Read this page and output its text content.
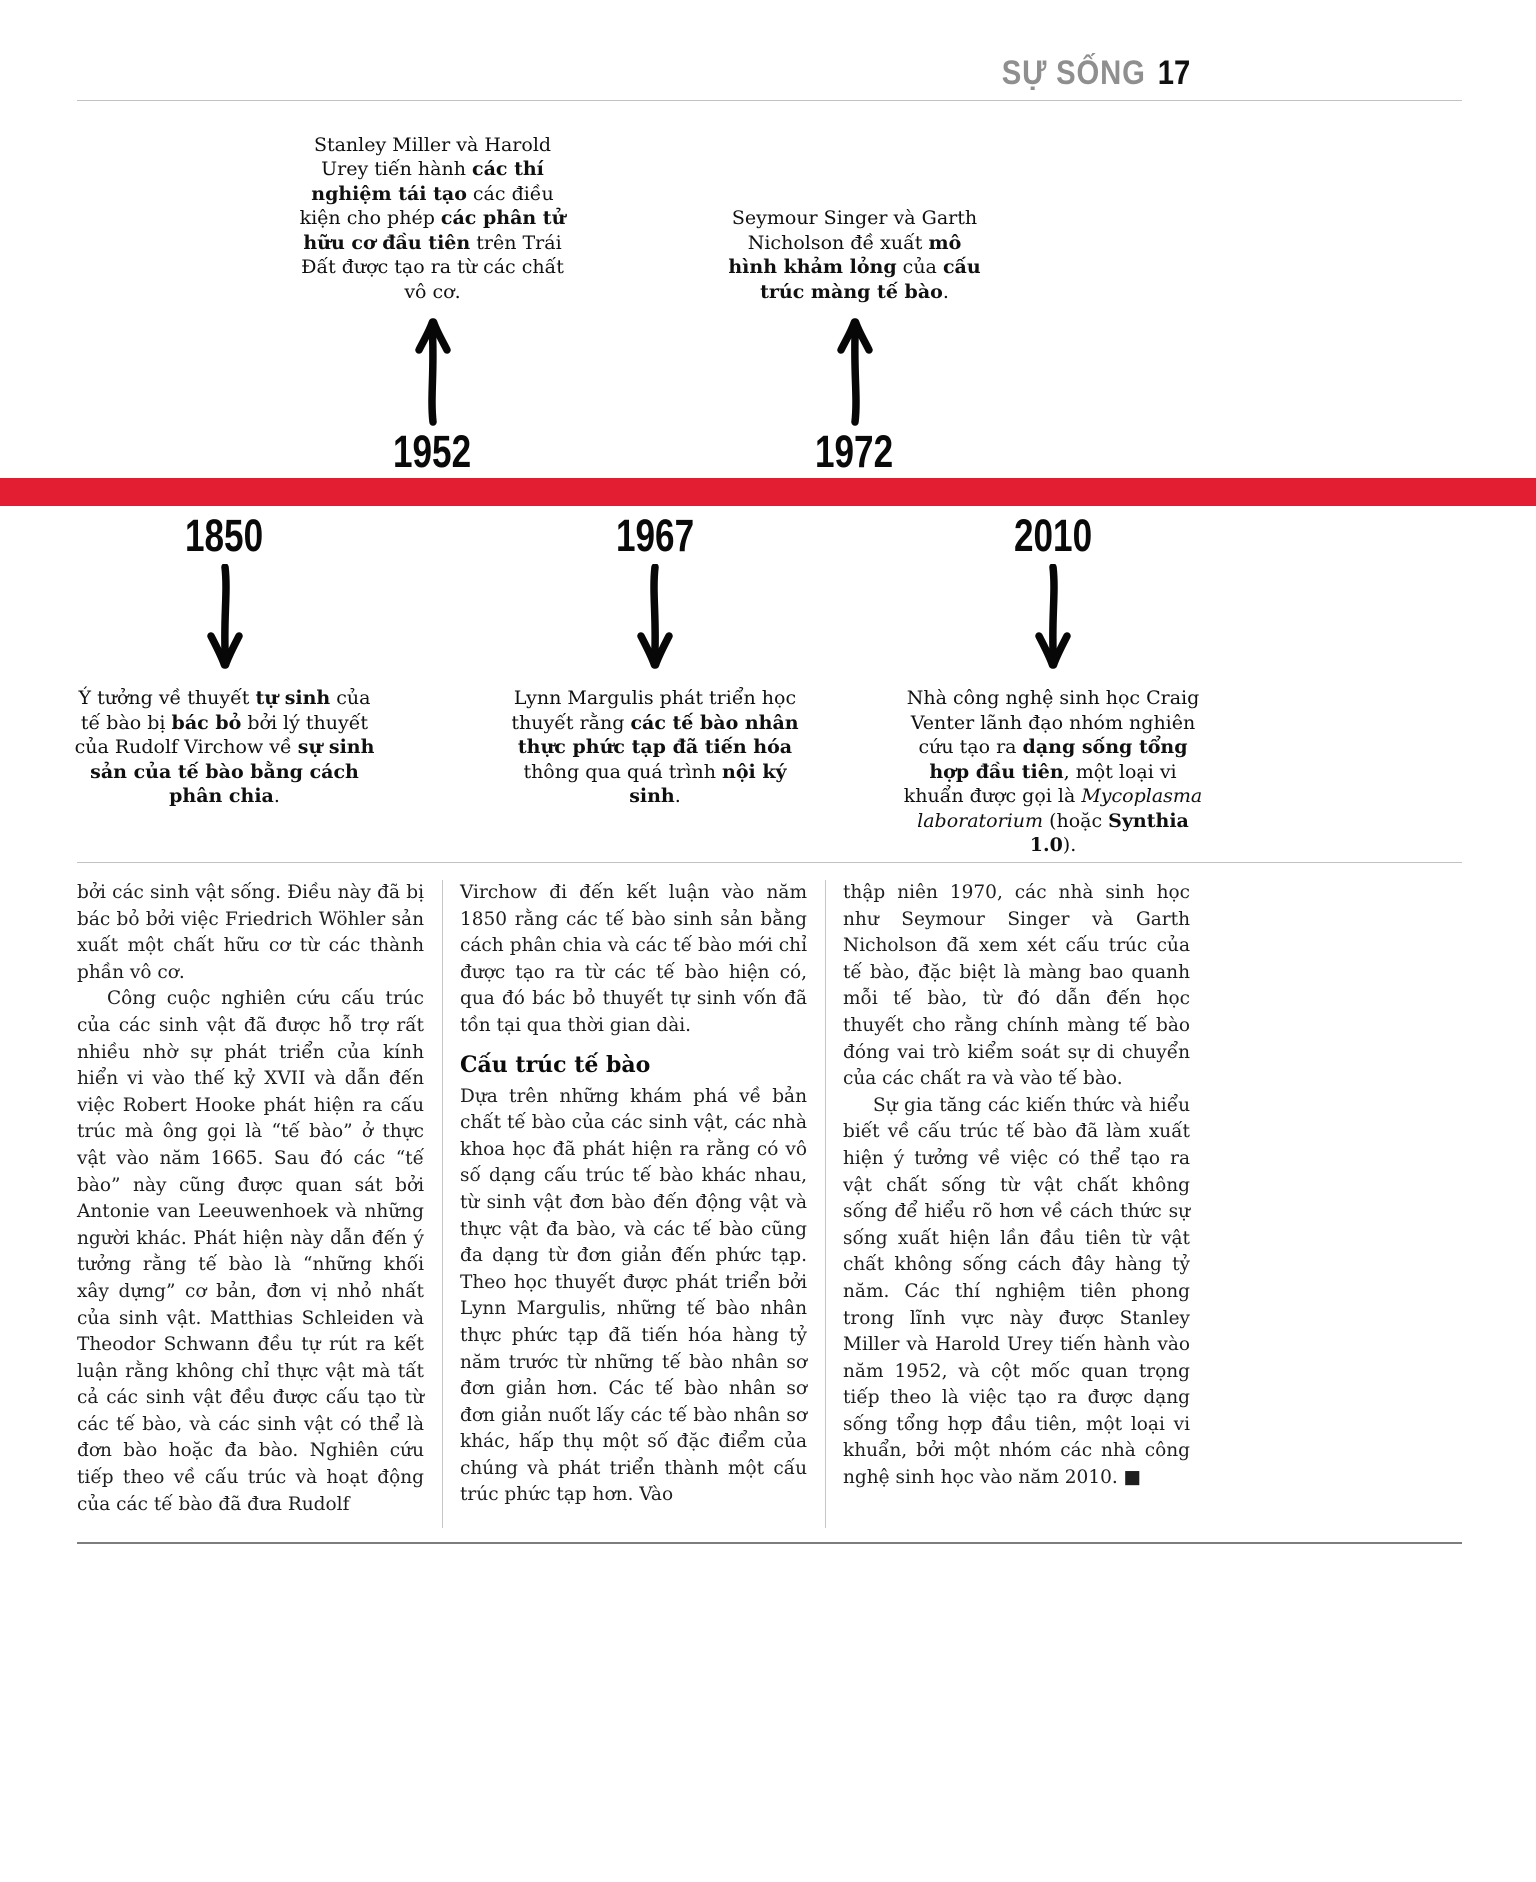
SỰ SỐNG 17

Stanley Miller và Harold Urey tiến hành các thí nghiệm tái tạo các điều kiện cho phép các phân tử hữu cơ đầu tiên trên Trái Đất được tạo ra từ các chất vô cơ.

1952

Seymour Singer và Garth Nicholson đề xuất mô hình khảm lỏng của cấu trúc màng tế bào.

1972
1850

Ý tưởng về thuyết tự sinh của tế bào bị bác bỏ bởi lý thuyết của Rudolf Virchow về sự sinh sản của tế bào bằng cách phân chia.

1967

Lynn Margulis phát triển học thuyết rằng các tế bào nhân thực phức tạp đã tiến hóa thông qua quá trình nội ký sinh.

2010

Nhà công nghệ sinh học Craig Venter lãnh đạo nhóm nghiên cứu tạo ra dạng sống tổng hợp đầu tiên, một loại vi khuẩn được gọi là Mycoplasma laboratorium (hoặc Synthia 1.0).

bởi các sinh vật sống. Điều này đã bị bác bỏ bởi việc Friedrich Wöhler sản xuất một chất hữu cơ từ các thành phần vô cơ.

Công cuộc nghiên cứu cấu trúc của các sinh vật đã được hỗ trợ rất nhiều nhờ sự phát triển của kính hiển vi vào thế kỷ XVII và dẫn đến việc Robert Hooke phát hiện ra cấu trúc mà ông gọi là “tế bào” ở thực vật vào năm 1665. Sau đó các “tế bào” này cũng được quan sát bởi Antonie van Leeuwenhoek và những người khác. Phát hiện này dẫn đến ý tưởng rằng tế bào là “những khối xây dựng” cơ bản, đơn vị nhỏ nhất của sinh vật. Matthias Schleiden và Theodor Schwann đều tự rút ra kết luận rằng không chỉ thực vật mà tất cả các sinh vật đều được cấu tạo từ các tế bào, và các sinh vật có thể là đơn bào hoặc đa bào. Nghiên cứu tiếp theo về cấu trúc và hoạt động của các tế bào đã đưa Rudolf

Virchow đi đến kết luận vào năm 1850 rằng các tế bào sinh sản bằng cách phân chia và các tế bào mới chỉ được tạo ra từ các tế bào hiện có, qua đó bác bỏ thuyết tự sinh vốn đã tồn tại qua thời gian dài.

Cấu trúc tế bào

Dựa trên những khám phá về bản chất tế bào của các sinh vật, các nhà khoa học đã phát hiện ra rằng có vô số dạng cấu trúc tế bào khác nhau, từ sinh vật đơn bào đến động vật và thực vật đa bào, và các tế bào cũng đa dạng từ đơn giản đến phức tạp. Theo học thuyết được phát triển bởi Lynn Margulis, những tế bào nhân thực phức tạp đã tiến hóa hàng tỷ năm trước từ những tế bào nhân sơ đơn giản hơn. Các tế bào nhân sơ đơn giản nuốt lấy các tế bào nhân sơ khác, hấp thụ một số đặc điểm của chúng và phát triển thành một cấu trúc phức tạp hơn. Vào

thập niên 1970, các nhà sinh học như Seymour Singer và Garth Nicholson đã xem xét cấu trúc của tế bào, đặc biệt là màng bao quanh mỗi tế bào, từ đó dẫn đến học thuyết cho rằng chính màng tế bào đóng vai trò kiểm soát sự di chuyển của các chất ra và vào tế bào.

Sự gia tăng các kiến thức và hiểu biết về cấu trúc tế bào đã làm xuất hiện ý tưởng về việc có thể tạo ra vật chất sống từ vật chất không sống để hiểu rõ hơn về cách thức sự sống xuất hiện lần đầu tiên từ vật chất không sống cách đây hàng tỷ năm. Các thí nghiệm tiên phong trong lĩnh vực này được Stanley Miller và Harold Urey tiến hành vào năm 1952, và cột mốc quan trọng tiếp theo là việc tạo ra được dạng sống tổng hợp đầu tiên, một loại vi khuẩn, bởi một nhóm các nhà công nghệ sinh học vào năm 2010. ■
